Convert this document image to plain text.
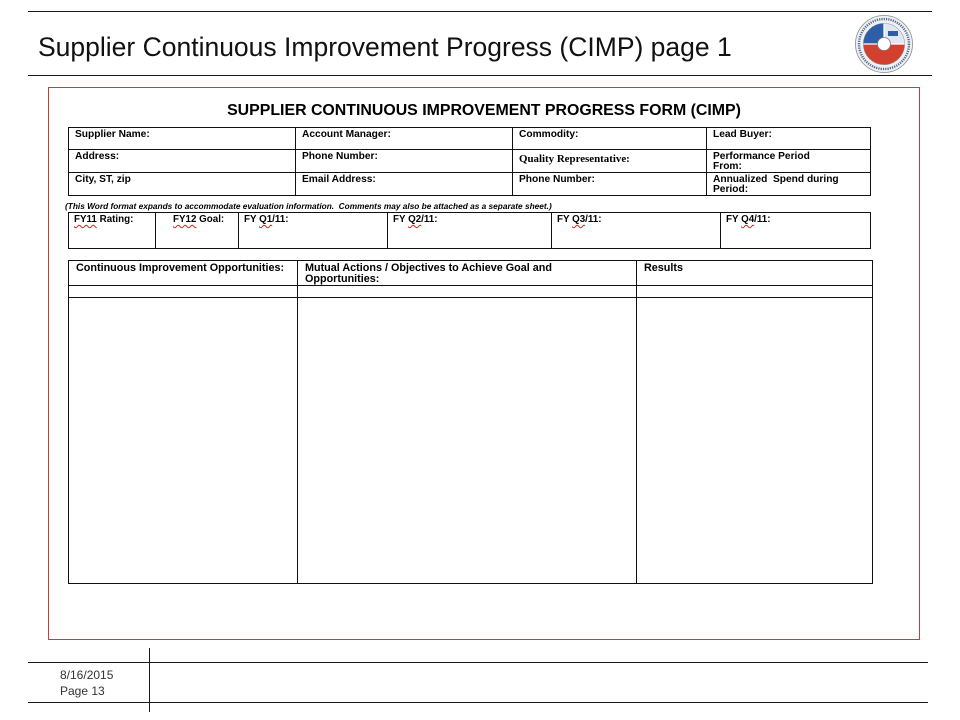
Supplier Continuous Improvement Progress (CIMP) page 1
SUPPLIER CONTINUOUS IMPROVEMENT PROGRESS FORM (CIMP)
Supplier Name:	Account Manager:	Commodity:	Lead Buyer:
Address:	Phone Number:	Quality Representative:	Performance Period
From:
City, ST, zip	Email Address:	Phone Number:	Annualized  Spend during
Period:
(This Word format expands to accommodate evaluation information.  Comments may also be attached as a separate sheet.)
FY11 Rating:	FY12 Goal:	FY Q1/11:	FY Q2/11:	FY Q3/11:	FY Q4/11:
Continuous Improvement Opportunities:	Mutual Actions / Objectives to Achieve Goal and
Opportunities:	Results

8/16/2015
Page 13
